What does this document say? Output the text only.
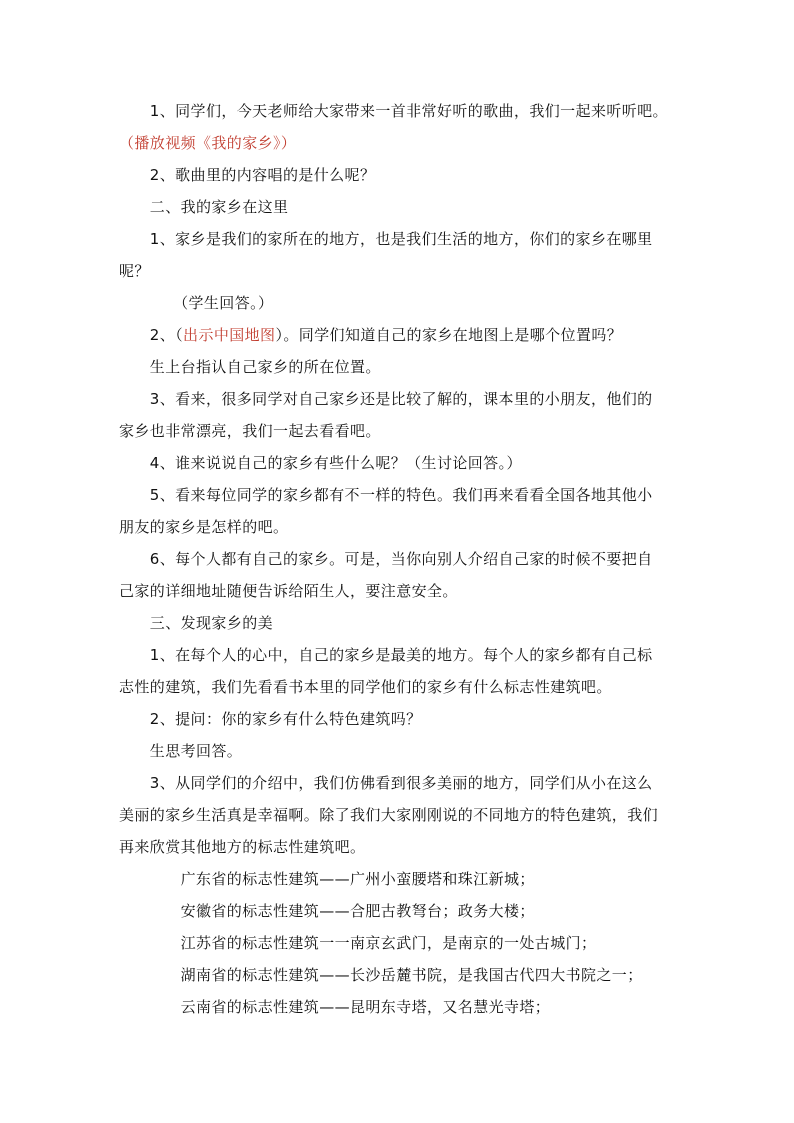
　　1、同学们，今天老师给大家带来一首非常好听的歌曲，我们一起来听听吧。
（播放视频《我的家乡》）
　　2、歌曲里的内容唱的是什么呢？
　　二、我的家乡在这里
　　1、家乡是我们的家所在的地方，也是我们生活的地方，你们的家乡在哪里
呢？
　　　　（学生回答。）
　　2、（出示中国地图）。同学们知道自己的家乡在地图上是哪个位置吗？
　　生上台指认自己家乡的所在位置。
　　3、看来，很多同学对自己家乡还是比较了解的，课本里的小朋友，他们的
家乡也非常漂亮，我们一起去看看吧。
　　4、谁来说说自己的家乡有些什么呢？（生讨论回答。）
　　5、看来每位同学的家乡都有不一样的特色。我们再来看看全国各地其他小
朋友的家乡是怎样的吧。
　　6、每个人都有自己的家乡。可是，当你向别人介绍自己家的时候不要把自
己家的详细地址随便告诉给陌生人，要注意安全。
　　三、发现家乡的美
　　1、在每个人的心中，自己的家乡是最美的地方。每个人的家乡都有自己标
志性的建筑，我们先看看书本里的同学他们的家乡有什么标志性建筑吧。
　　2、提问：你的家乡有什么特色建筑吗？
　　生思考回答。
　　3、从同学们的介绍中，我们仿佛看到很多美丽的地方，同学们从小在这么
美丽的家乡生活真是幸福啊。除了我们大家刚刚说的不同地方的特色建筑，我们
再来欣赏其他地方的标志性建筑吧。
　　　　广东省的标志性建筑——广州小蛮腰塔和珠江新城；
　　　　安徽省的标志性建筑——合肥古教弩台；政务大楼；
　　　　江苏省的标志性建筑一一南京玄武门，是南京的一处古城门；
　　　　湖南省的标志性建筑——长沙岳麓书院，是我国古代四大书院之一；
　　　　云南省的标志性建筑——昆明东寺塔，又名慧光寺塔；
